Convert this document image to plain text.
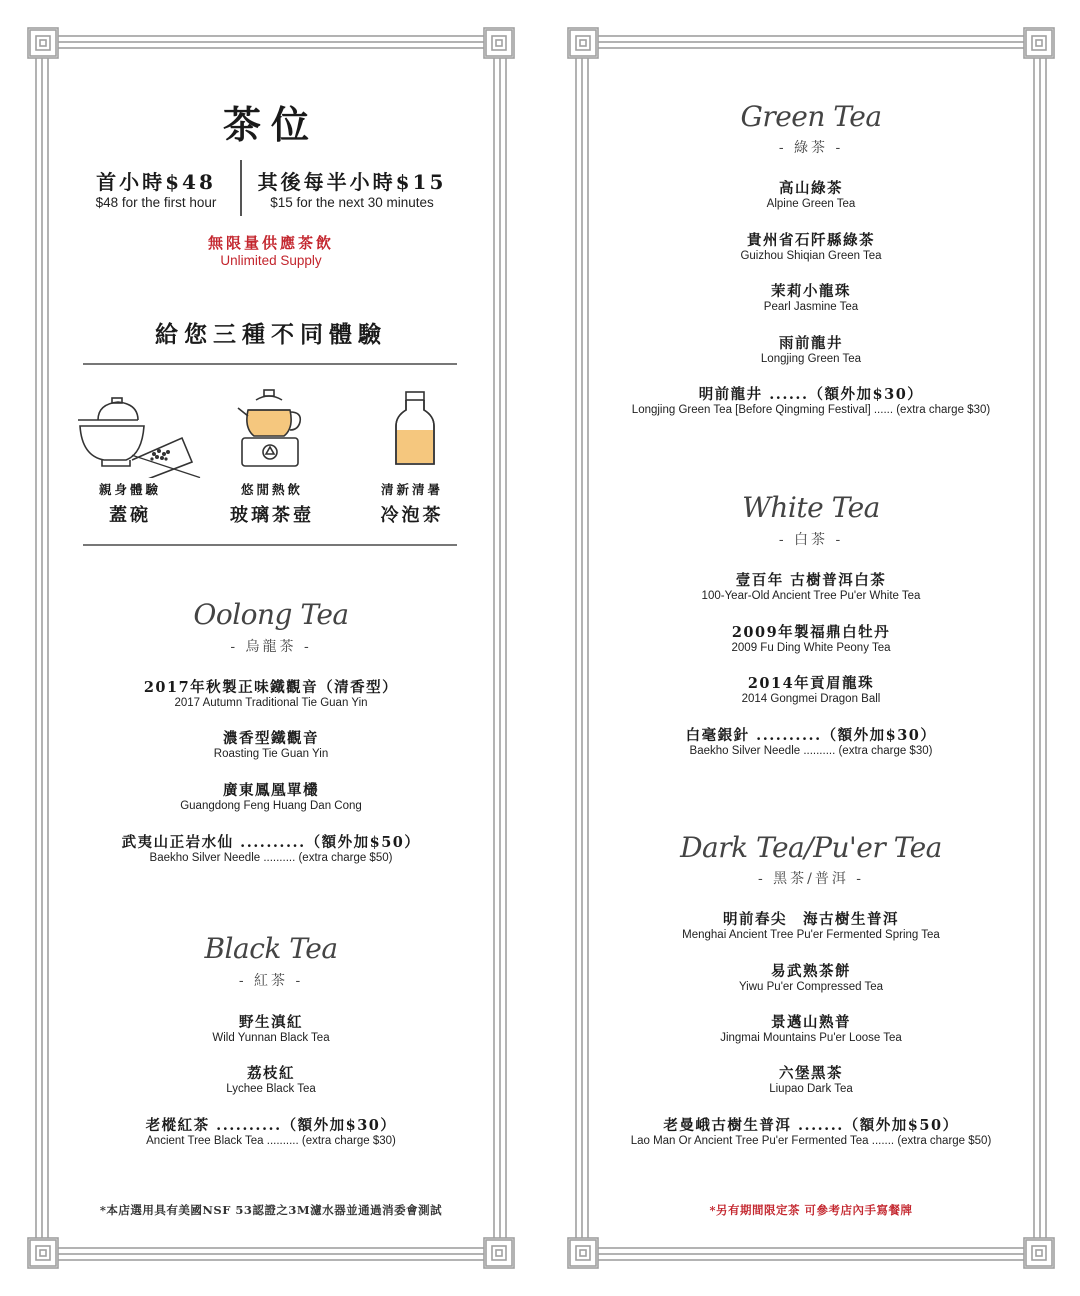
茶位
首小時$48
$48 for the first hour
其後每半小時$15
$15 for the next 30 minutes
無限量供應茶飲
Unlimited Supply
給您三種不同體驗
親身體驗
蓋碗
悠閒熱飲
玻璃茶壺
清新清暑
冷泡茶
Oolong Tea
- 烏龍茶 -
2017年秋製正味鐵觀音（清香型）
2017 Autumn Traditional Tie Guan Yin
濃香型鐵觀音
Roasting Tie Guan Yin
廣東鳳凰單欉
Guangdong Feng Huang Dan Cong
武夷山正岩水仙 ..........（額外加$50）
Baekho Silver Needle .......... (extra charge $50)
Black Tea
- 紅茶 -
野生滇紅
Wild Yunnan Black Tea
荔枝紅
Lychee Black Tea
老樅紅茶 ..........（額外加$30）
Ancient Tree Black Tea .......... (extra charge $30)
*本店選用具有美國NSF 53認證之3M濾水器並通過消委會測試
Green Tea
- 綠茶 -
高山綠茶
Alpine Green Tea
貴州省石阡縣綠茶
Guizhou Shiqian Green Tea
茉莉小龍珠
Pearl Jasmine Tea
雨前龍井
Longjing Green Tea
明前龍井 ......（額外加$30）
Longjing Green Tea [Before Qingming Festival] ...... (extra charge $30)
White Tea
- 白茶 -
壹百年 古樹普洱白茶
100-Year-Old Ancient Tree Pu'er White Tea
2009年製福鼎白牡丹
2009 Fu Ding White Peony Tea
2014年貢眉龍珠
2014 Gongmei Dragon Ball
白毫銀針 ..........（額外加$30）
Baekho Silver Needle .......... (extra charge $30)
Dark Tea/Pu'er Tea
- 黑茶/普洱 -
明前春尖　海古樹生普洱
Menghai Ancient Tree Pu'er Fermented Spring Tea
易武熟茶餅
Yiwu Pu'er Compressed Tea
景邁山熟普
Jingmai Mountains Pu'er Loose Tea
六堡黑茶
Liupao Dark Tea
老曼峨古樹生普洱 .......（額外加$50）
Lao Man Or Ancient Tree Pu'er Fermented Tea ....... (extra charge $50)
*另有期間限定茶 可參考店內手寫餐牌
